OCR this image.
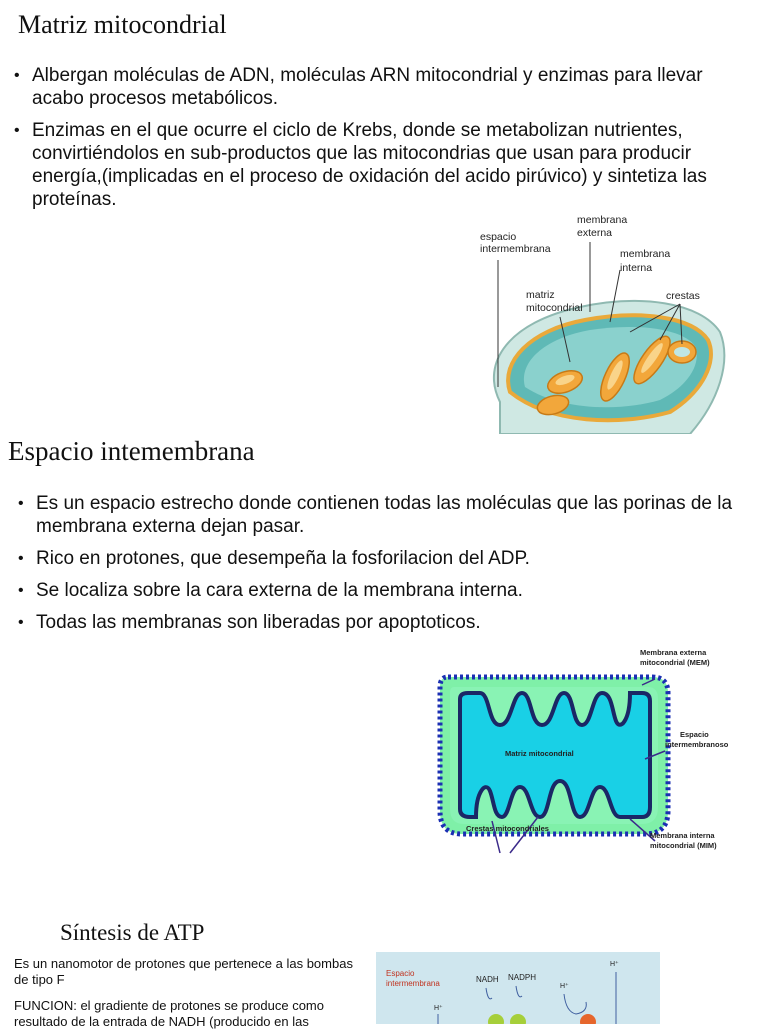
Matriz mitocondrial
• Albergan moléculas de ADN, moléculas ARN mitocondrial y enzimas para llevar acabo procesos metabólicos.
• Enzimas en el que ocurre el ciclo de Krebs, donde se metabolizan nutrientes, convirtiéndolos en sub-productos que las mitocondrias que usan para producir energía,(implicadas en el proceso de oxidación del acido pirúvico) y sintetiza las proteínas.
espacio intermembrana
membrana externa
membrana interna
matriz mitocondrial
crestas
Espacio intemembrana
• Es un espacio estrecho donde contienen todas las moléculas que las porinas de la membrana externa dejan pasar.
• Rico en protones, que desempeña la fosforilacion del ADP.
• Se localiza sobre la cara externa de la membrana interna.
• Todas las membranas son liberadas por apoptoticos.
Matriz mitocondrial
Membrana externa mitocondrial (MEM)
Espacio intermembranoso
Crestas mitocondriales
Membrana interna mitocondrial (MIM)
Síntesis de ATP

Es un nanomotor de protones que pertenece a las bombas de tipo F

FUNCION: el gradiente de protones se produce como resultado de la entrada de NADH (producido en las

Espacio intermembrana	NADH NADPH
H⁺
H⁺
H⁺
